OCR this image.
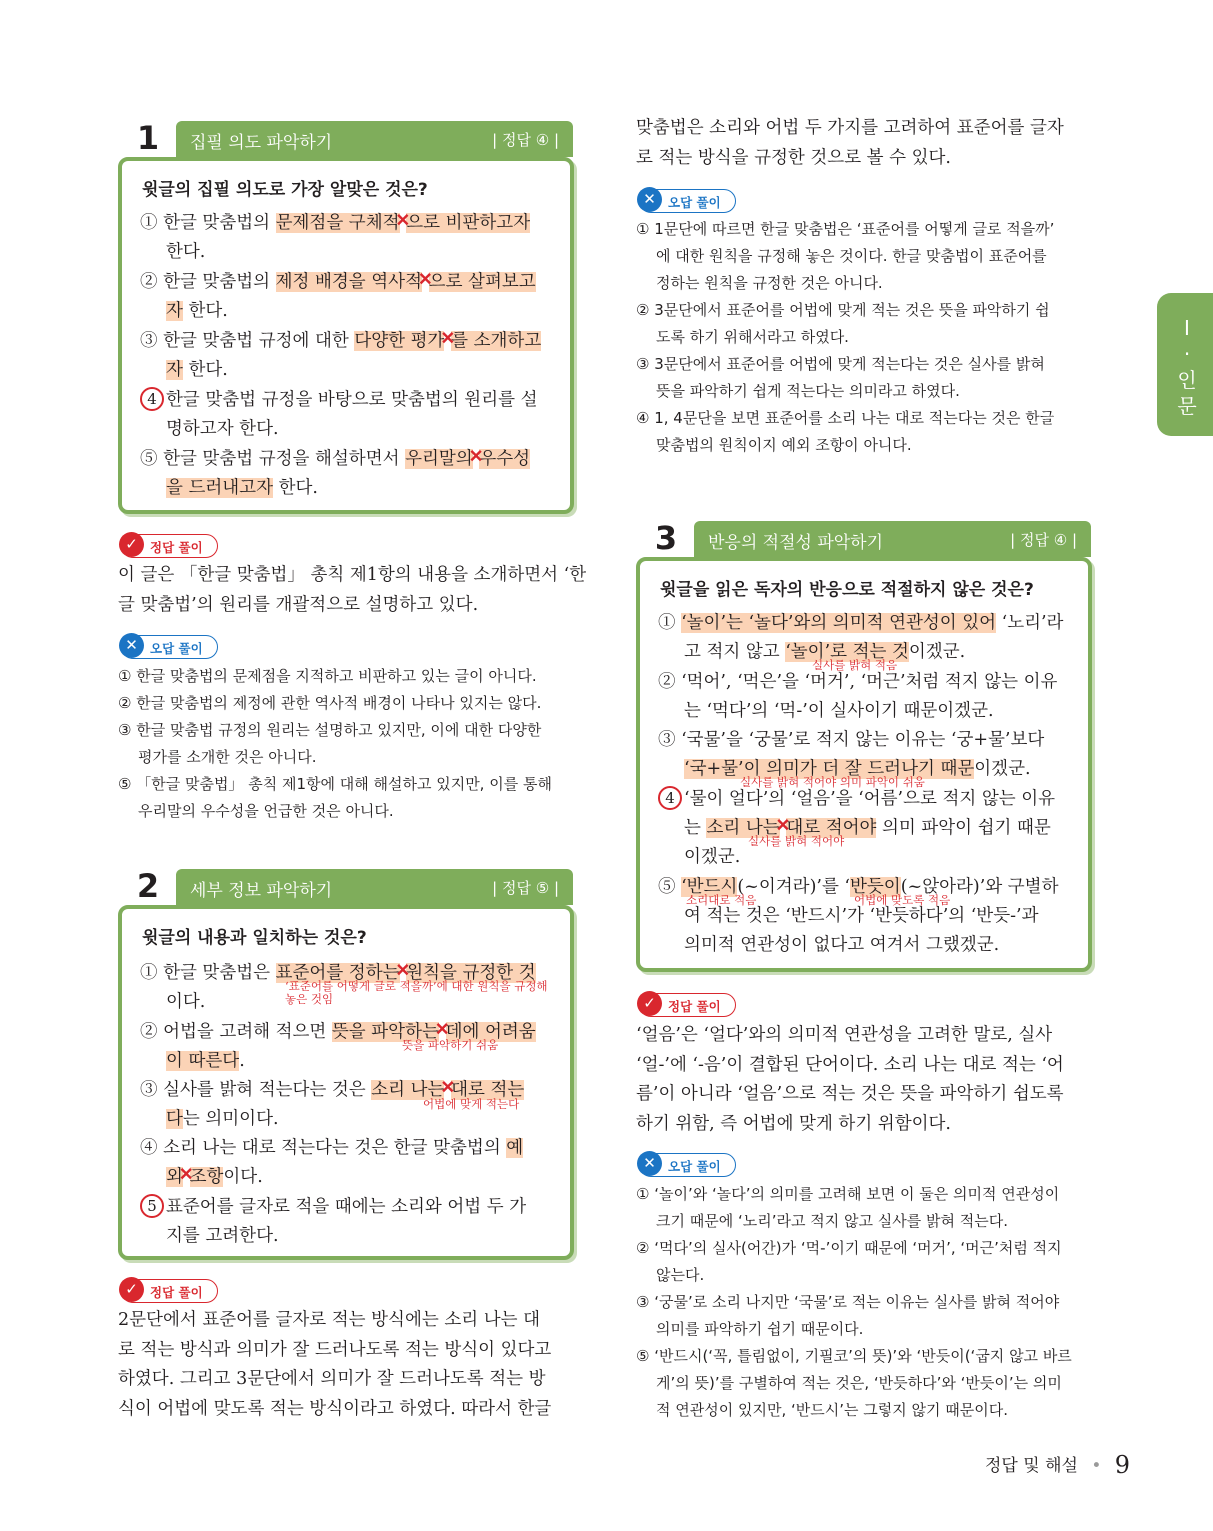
1	집필 의도 파악하기	| 정답 ④ |
윗글의 집필 의도로 가장 알맞은 것은?
① 한글 맞춤법의 문제점을 구체적✕으로 비판하고자
한다.
② 한글 맞춤법의 제정 배경을 역사적✕으로 살펴보고
자 한다.
③ 한글 맞춤법 규정에 대한 다양한 평가✕를 소개하고
자 한다.
4 한글 맞춤법 규정을 바탕으로 맞춤법의 원리를 설
명하고자 한다.
⑤ 한글 맞춤법 규정을 해설하면서 우리말의✕우수성
을 드러내고자 한다.
✓ 정답 풀이
이 글은 「한글 맞춤법」 총칙 제1항의 내용을 소개하면서 ‘한
글 맞춤법’의 원리를 개괄적으로 설명하고 있다.
✕ 오답 풀이
① 한글 맞춤법의 문제점을 지적하고 비판하고 있는 글이 아니다.
② 한글 맞춤법의 제정에 관한 역사적 배경이 나타나 있지는 않다.
③ 한글 맞춤법 규정의 원리는 설명하고 있지만, 이에 대한 다양한
평가를 소개한 것은 아니다.
⑤ 「한글 맞춤법」 총칙 제1항에 대해 해설하고 있지만, 이를 통해
우리말의 우수성을 언급한 것은 아니다.
2	세부 정보 파악하기	| 정답 ⑤ |
윗글의 내용과 일치하는 것은?
① 한글 맞춤법은 표준어를 정하는✕원칙을 규정한 것
이다.
‘표준어를 어떻게 글로 적을까’에 대한 원칙을 규정해
놓은 것임
② 어법을 고려해 적으면 뜻을 파악하는✕데에 어려움
이 따른다.
뜻을 파악하기 쉬움
③ 실사를 밝혀 적는다는 것은 소리 나는✕대로 적는
다는 의미이다.
어법에 맞게 적는다
④ 소리 나는 대로 적는다는 것은 한글 맞춤법의 예
외✕조항이다.
5 표준어를 글자로 적을 때에는 소리와 어법 두 가
지를 고려한다.
✓ 정답 풀이
2문단에서 표준어를 글자로 적는 방식에는 소리 나는 대
로 적는 방식과 의미가 잘 드러나도록 적는 방식이 있다고
하였다. 그리고 3문단에서 의미가 잘 드러나도록 적는 방
식이 어법에 맞도록 적는 방식이라고 하였다. 따라서 한글
맞춤법은 소리와 어법 두 가지를 고려하여 표준어를 글자
로 적는 방식을 규정한 것으로 볼 수 있다.
✕ 오답 풀이
① 1문단에 따르면 한글 맞춤법은 ‘표준어를 어떻게 글로 적을까’
에 대한 원칙을 규정해 놓은 것이다. 한글 맞춤법이 표준어를
정하는 원칙을 규정한 것은 아니다.
② 3문단에서 표준어를 어법에 맞게 적는 것은 뜻을 파악하기 쉽
도록 하기 위해서라고 하였다.
③ 3문단에서 표준어를 어법에 맞게 적는다는 것은 실사를 밝혀
뜻을 파악하기 쉽게 적는다는 의미라고 하였다.
④ 1, 4문단을 보면 표준어를 소리 나는 대로 적는다는 것은 한글
맞춤법의 원칙이지 예외 조항이 아니다.
3	반응의 적절성 파악하기	| 정답 ④ |
윗글을 읽은 독자의 반응으로 적절하지 않은 것은?
① ‘놀이’는 ‘놀다’와의 의미적 연관성이 있어 ‘노리’라
고 적지 않고 ‘놀이’로 적는 것이겠군.
실사를 밝혀 적음
② ‘먹어’, ‘먹은’을 ‘머거’, ‘머근’처럼 적지 않는 이유
는 ‘먹다’의 ‘먹-’이 실사이기 때문이겠군.
③ ‘국물’을 ‘궁물’로 적지 않는 이유는 ‘궁+물’보다
‘국+물’이 의미가 더 잘 드러나기 때문이겠군.
실사를 밝혀 적어야 의미 파악이 쉬움
4 ‘물이 얼다’의 ‘얼음’을 ‘어름’으로 적지 않는 이유
는 소리 나는✕대로 적어야 의미 파악이 쉽기 때문
이겠군.
실사를 밝혀 적어야
⑤ ‘반드시(~이겨라)’를 ‘반듯이(~앉아라)’와 구별하
여 적는 것은 ‘반드시’가 ‘반듯하다’의 ‘반듯-’과
의미적 연관성이 없다고 여겨서 그랬겠군.
소리대로 적음	어법에 맞도록 적음
✓ 정답 풀이
‘얼음’은 ‘얼다’와의 의미적 연관성을 고려한 말로, 실사
‘얼-’에 ‘-음’이 결합된 단어이다. 소리 나는 대로 적는 ‘어
름’이 아니라 ‘얼음’으로 적는 것은 뜻을 파악하기 쉽도록
하기 위함, 즉 어법에 맞게 하기 위함이다.
✕ 오답 풀이
① ‘놀이’와 ‘놀다’의 의미를 고려해 보면 이 둘은 의미적 연관성이
크기 때문에 ‘노리’라고 적지 않고 실사를 밝혀 적는다.
② ‘먹다’의 실사(어간)가 ‘먹-’이기 때문에 ‘머거’, ‘머근’처럼 적지
않는다.
③ ‘궁물’로 소리 나지만 ‘국물’로 적는 이유는 실사를 밝혀 적어야
의미를 파악하기 쉽기 때문이다.
⑤ ‘반드시(‘꼭, 틀림없이, 기필코’의 뜻)’와 ‘반듯이(‘굽지 않고 바르
게’의 뜻)’를 구별하여 적는 것은, ‘반듯하다’와 ‘반듯이’는 의미
적 연관성이 있지만, ‘반드시’는 그렇지 않기 때문이다.
Ⅰ
·
인
문
정답 및 해설 • 9
